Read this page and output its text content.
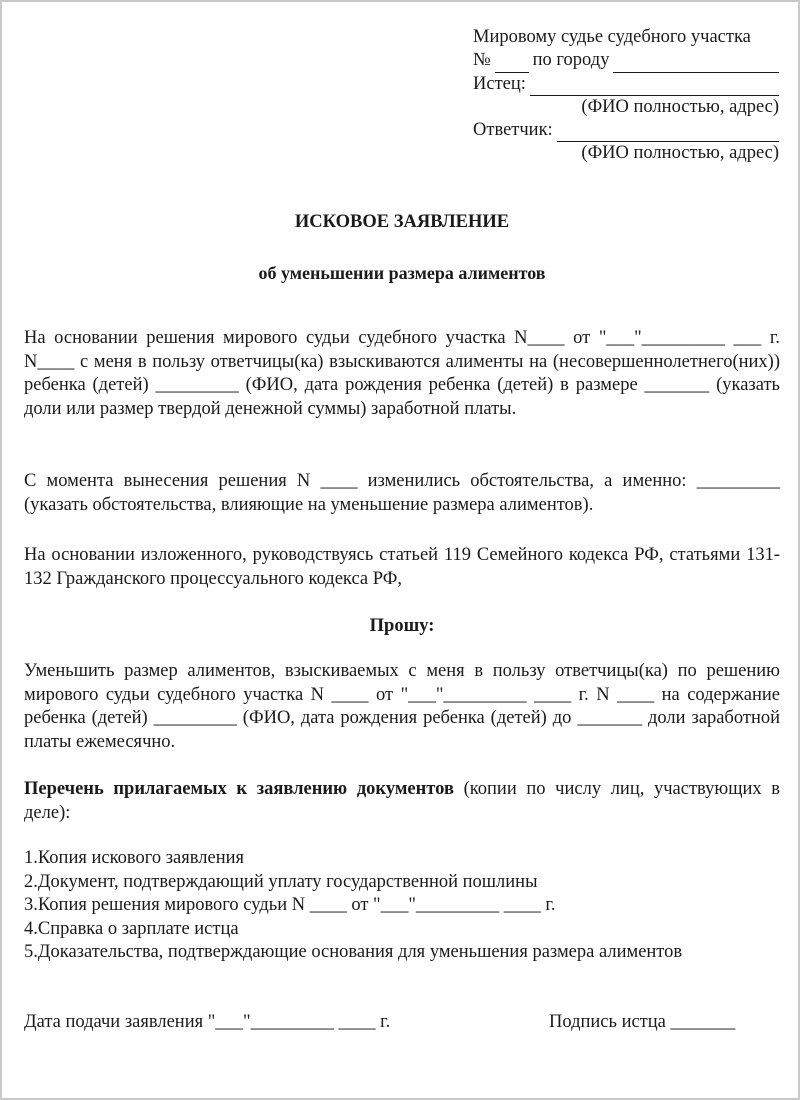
Мировому судье судебного участка
№ по городу
Истец:
(ФИО полностью, адрес)
Ответчик:
(ФИО полностью, адрес)
ИСКОВОЕ ЗАЯВЛЕНИЕ
об уменьшении размера алиментов

На основании решения мирового судьи судебного участка N____ от "___"_________ ___ г. N____ с меня в пользу ответчицы(ка) взыскиваются алименты на (несовершеннолетнего(них)) ребенка (детей) _________ (ФИО, дата рождения ребенка (детей) в размере _______ (указать доли или размер твердой денежной суммы) заработной платы.

С момента вынесения решения N ____ изменились обстоятельства, а именно: _________ (указать обстоятельства, влияющие на уменьшение размера алиментов).

На основании изложенного, руководствуясь статьей 119 Семейного кодекса РФ, статьями 131-132 Гражданского процессуального кодекса РФ,

Прошу:

Уменьшить размер алиментов, взыскиваемых с меня в пользу ответчицы(ка) по решению мирового судьи судебного участка N ____ от "___"_________ ____ г. N ____ на содержание ребенка (детей) _________ (ФИО, дата рождения ребенка (детей) до _______ доли заработной платы ежемесячно.

Перечень прилагаемых к заявлению документов (копии по числу лиц, участвующих в деле):

1.Копия искового заявления
2.Документ, подтверждающий уплату государственной пошлины
3.Копия решения мирового судьи N ____ от "___"_________ ____ г.
4.Справка о зарплате истца
5.Доказательства, подтверждающие основания для уменьшения размера алиментов
Дата подачи заявления "___"_________ ____ г.	Подпись истца _______
